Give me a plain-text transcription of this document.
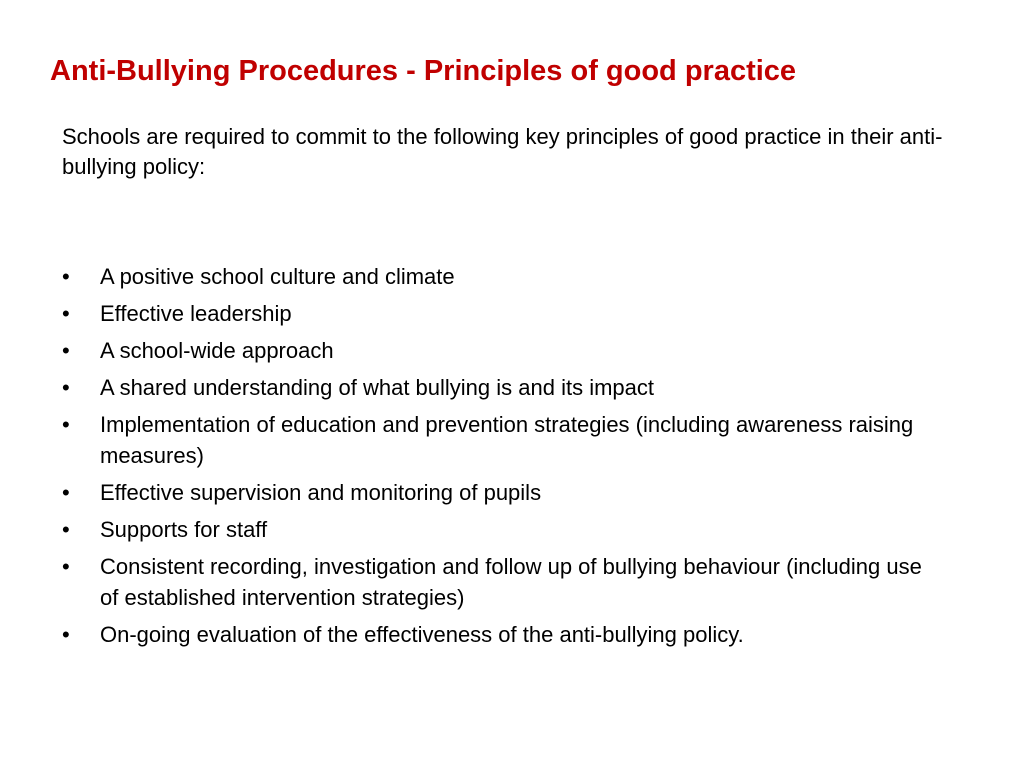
Anti-Bullying Procedures - Principles of good practice

Schools are required to commit to the following key principles of good practice in their anti-bullying policy:

•	A positive school culture and climate
•	Effective leadership
•	A school-wide approach
•	A shared understanding of what bullying is and its impact
•	Implementation of education and prevention strategies (including awareness raising measures)
•	Effective supervision and monitoring of pupils
•	Supports for staff
•	Consistent recording, investigation and follow up of bullying behaviour (including use of established intervention strategies)
•	On-going evaluation of the effectiveness of the anti-bullying policy.
